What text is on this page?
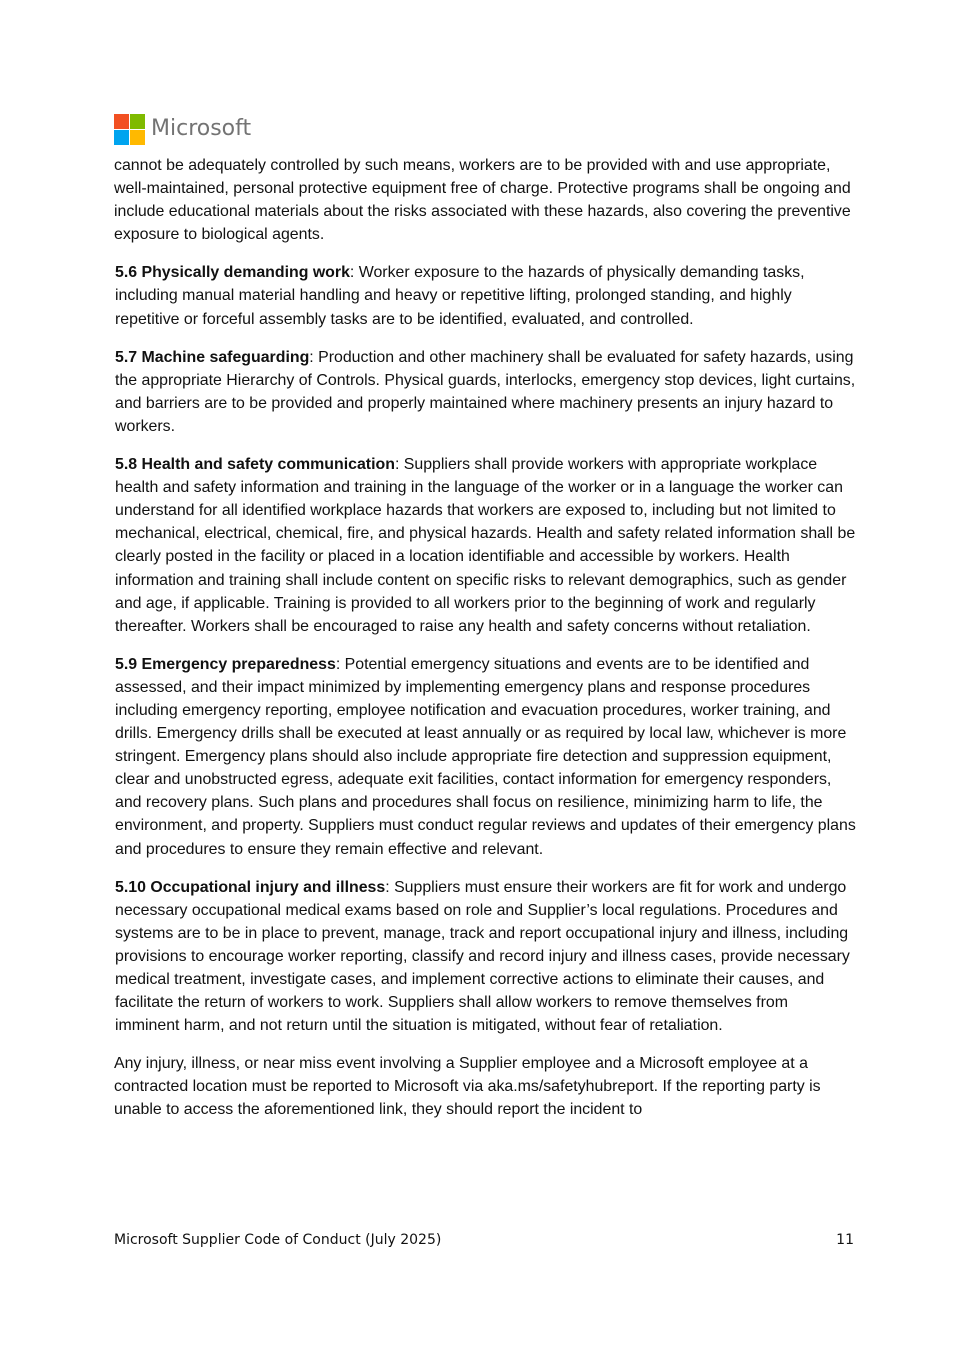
Microsoft

cannot be adequately controlled by such means, workers are to be provided with and use appropriate, well-maintained, personal protective equipment free of charge. Protective programs shall be ongoing and include educational materials about the risks associated with these hazards, also covering the preventive exposure to biological agents.

5.6 Physically demanding work: Worker exposure to the hazards of physically demanding tasks, including manual material handling and heavy or repetitive lifting, prolonged standing, and highly repetitive or forceful assembly tasks are to be identified, evaluated, and controlled.

5.7 Machine safeguarding: Production and other machinery shall be evaluated for safety hazards, using the appropriate Hierarchy of Controls. Physical guards, interlocks, emergency stop devices, light curtains, and barriers are to be provided and properly maintained where machinery presents an injury hazard to workers.

5.8 Health and safety communication: Suppliers shall provide workers with appropriate workplace health and safety information and training in the language of the worker or in a language the worker can understand for all identified workplace hazards that workers are exposed to, including but not limited to mechanical, electrical, chemical, fire, and physical hazards. Health and safety related information shall be clearly posted in the facility or placed in a location identifiable and accessible by workers. Health information and training shall include content on specific risks to relevant demographics, such as gender and age, if applicable. Training is provided to all workers prior to the beginning of work and regularly thereafter. Workers shall be encouraged to raise any health and safety concerns without retaliation.

5.9 Emergency preparedness: Potential emergency situations and events are to be identified and assessed, and their impact minimized by implementing emergency plans and response procedures including emergency reporting, employee notification and evacuation procedures, worker training, and drills. Emergency drills shall be executed at least annually or as required by local law, whichever is more stringent. Emergency plans should also include appropriate fire detection and suppression equipment, clear and unobstructed egress, adequate exit facilities, contact information for emergency responders, and recovery plans. Such plans and procedures shall focus on resilience, minimizing harm to life, the environment, and property. Suppliers must conduct regular reviews and updates of their emergency plans and procedures to ensure they remain effective and relevant.

5.10 Occupational injury and illness: Suppliers must ensure their workers are fit for work and undergo necessary occupational medical exams based on role and Supplier’s local regulations. Procedures and systems are to be in place to prevent, manage, track and report occupational injury and illness, including provisions to encourage worker reporting, classify and record injury and illness cases, provide necessary medical treatment, investigate cases, and implement corrective actions to eliminate their causes, and facilitate the return of workers to work. Suppliers shall allow workers to remove themselves from imminent harm, and not return until the situation is mitigated, without fear of retaliation.

Any injury, illness, or near miss event involving a Supplier employee and a Microsoft employee at a contracted location must be reported to Microsoft via aka.ms/safetyhubreport. If the reporting party is unable to access the aforementioned link, they should report the incident to

Microsoft Supplier Code of Conduct (July 2025)	11
